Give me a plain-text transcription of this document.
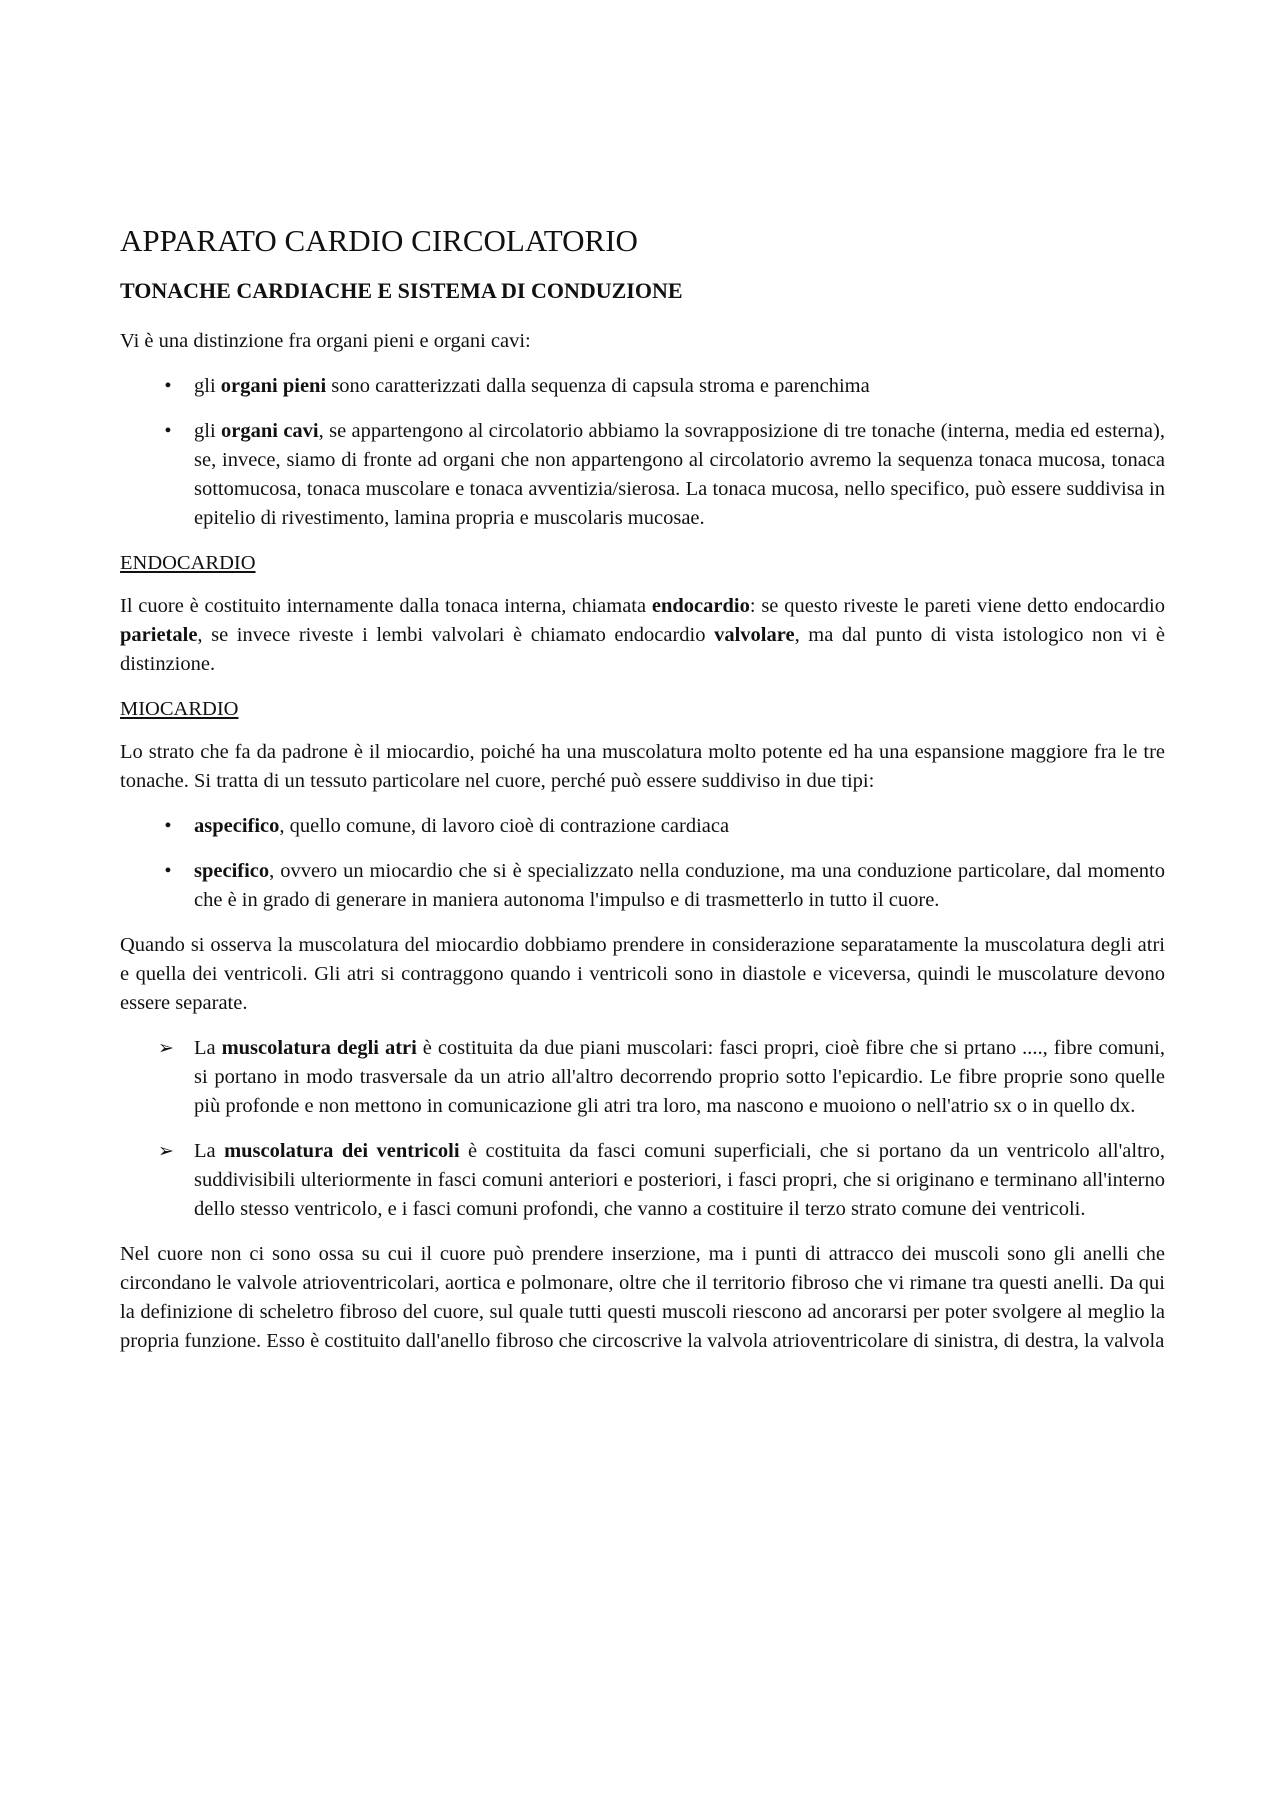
APPARATO CARDIO CIRCOLATORIO
TONACHE CARDIACHE E SISTEMA DI CONDUZIONE

Vi è una distinzione fra organi pieni e organi cavi:

•	gli organi pieni sono caratterizzati dalla sequenza di capsula stroma e parenchima
•	gli organi cavi, se appartengono al circolatorio abbiamo la sovrapposizione di tre tonache (interna, media ed esterna), se, invece, siamo di fronte ad organi che non appartengono al circolatorio avremo la sequenza tonaca mucosa, tonaca sottomucosa, tonaca muscolare e tonaca avventizia/sierosa. La tonaca mucosa, nello specifico, può essere suddivisa in epitelio di rivestimento, lamina propria e muscolaris mucosae.
ENDOCARDIO

Il cuore è costituito internamente dalla tonaca interna, chiamata endocardio: se questo riveste le pareti viene detto endocardio parietale, se invece riveste i lembi valvolari è chiamato endocardio valvolare, ma dal punto di vista istologico non vi è distinzione.

MIOCARDIO

Lo strato che fa da padrone è il miocardio, poiché ha una muscolatura molto potente ed ha una espansione maggiore fra le tre tonache. Si tratta di un tessuto particolare nel cuore, perché può essere suddiviso in due tipi:

•	aspecifico, quello comune, di lavoro cioè di contrazione cardiaca
•	specifico, ovvero un miocardio che si è specializzato nella conduzione, ma una conduzione particolare, dal momento che è in grado di generare in maniera autonoma l'impulso e di trasmetterlo in tutto il cuore.

Quando si osserva la muscolatura del miocardio dobbiamo prendere in considerazione separatamente la muscolatura degli atri e quella dei ventricoli. Gli atri si contraggono quando i ventricoli sono in diastole e viceversa, quindi le muscolature devono essere separate.

➢ La muscolatura degli atri è costituita da due piani muscolari: fasci propri, cioè fibre che si prtano ...., fibre comuni, si portano in modo trasversale da un atrio all'altro decorrendo proprio sotto l'epicardio. Le fibre proprie sono quelle più profonde e non mettono in comunicazione gli atri tra loro, ma nascono e muoiono o nell'atrio sx o in quello dx.
➢ La muscolatura dei ventricoli è costituita da fasci comuni superficiali, che si portano da un ventricolo all'altro, suddivisibili ulteriormente in fasci comuni anteriori e posteriori, i fasci propri, che si originano e terminano all'interno dello stesso ventricolo, e i fasci comuni profondi, che vanno a costituire il terzo strato comune dei ventricoli.

Nel cuore non ci sono ossa su cui il cuore può prendere inserzione, ma i punti di attracco dei muscoli sono gli anelli che circondano le valvole atrioventricolari, aortica e polmonare, oltre che il territorio fibroso che vi rimane tra questi anelli. Da qui la definizione di scheletro fibroso del cuore, sul quale tutti questi muscoli riescono ad ancorarsi per poter svolgere al meglio la propria funzione. Esso è costituito dall'anello fibroso che circoscrive la valvola atrioventricolare di sinistra, di destra, la valvola
